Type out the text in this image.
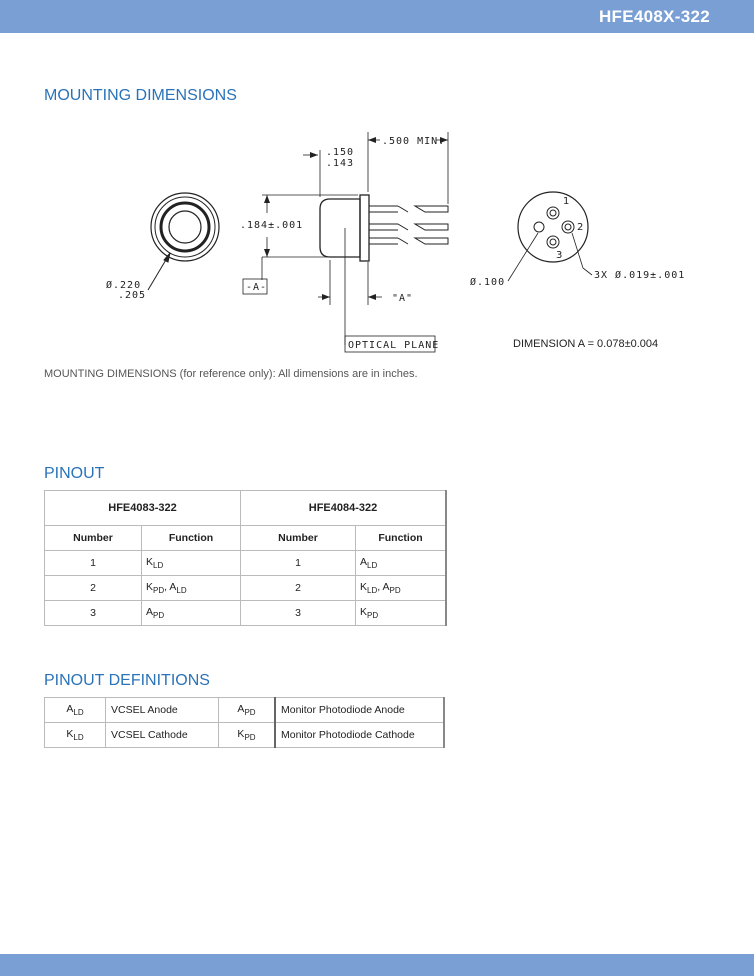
HFE408X-322
MOUNTING DIMENSIONS
Ø.220
.205
.500 MIN.
.150
.143
.184±.001
-A-
"A"
OPTICAL PLANE
1
2
3
Ø.100
3X Ø.019±.001
DIMENSION A = 0.078±0.004
MOUNTING DIMENSIONS (for reference only): All dimensions are in inches.
PINOUT
HFE4083-322		HFE4084-322	
Number	Function	Number	Function
1	$K_{LD}$	1	$A_{LD}$
2	$K_{PD}$, $A_{LD}$	2	$K_{LD}$, $A_{PD}$
3	$A_{PD}$	3	$K_{PD}$
PINOUT DEFINITIONS
$A_{LD}$	VCSEL Anode	$A_{PD}$	Monitor Photodiode Anode
$K_{LD}$	VCSEL Cathode	$K_{PD}$	Monitor Photodiode Cathode
